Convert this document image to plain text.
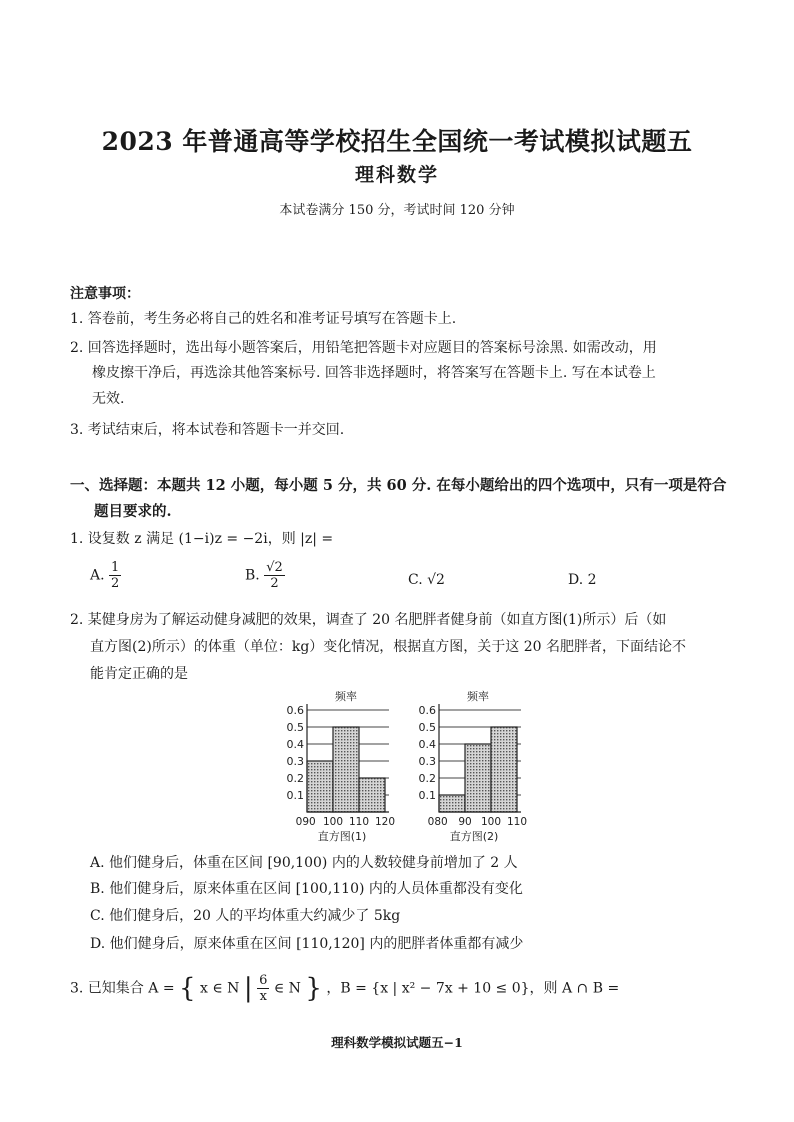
2023 年普通高等学校招生全国统一考试模拟试题五
理科数学
本试卷满分 150 分，考试时间 120 分钟
注意事项：
1. 答卷前，考生务必将自己的姓名和准考证号填写在答题卡上.
2. 回答选择题时，选出每小题答案后，用铅笔把答题卡对应题目的答案标号涂黑. 如需改动，用
橡皮擦干净后，再选涂其他答案标号. 回答非选择题时，将答案写在答题卡上. 写在本试卷上
无效.
3. 考试结束后，将本试卷和答题卡一并交回.
一、选择题：本题共 12 小题，每小题 5 分，共 60 分. 在每小题给出的四个选项中，只有一项是符合
题目要求的.
1. 设复数 z 满足 (1−i)z = −2i，则 |z| =
A. $\frac{1}{2}$	B. $\frac{√2}{2}$	C. √2	D. 2
2. 某健身房为了解运动健身减肥的效果，调查了 20 名肥胖者健身前（如直方图(1)所示）后（如
直方图(2)所示）的体重（单位：kg）变化情况，根据直方图，关于这 20 名肥胖者，下面结论不
能肯定正确的是
0.1
0.2
0.3
0.4
0.5
0.6
频率
0 90 100 110 120
直方图(1)
0.1
0.2
0.3
0.4
0.5
0.6
频率
0 80 90 100 110
直方图(2)
A. 他们健身后，体重在区间 [90,100) 内的人数较健身前增加了 2 人
B. 他们健身后，原来体重在区间 [100,110) 内的人员体重都没有变化
C. 他们健身后，20 人的平均体重大约减少了 5kg
D. 他们健身后，原来体重在区间 [110,120] 内的肥胖者体重都有减少
3. 已知集合 A = { x ∈ N | $\frac{6}{x}$ ∈ N } ，B = {x | x² − 7x + 10 ≤ 0}，则 A ∩ B =
理科数学模拟试题五−1
